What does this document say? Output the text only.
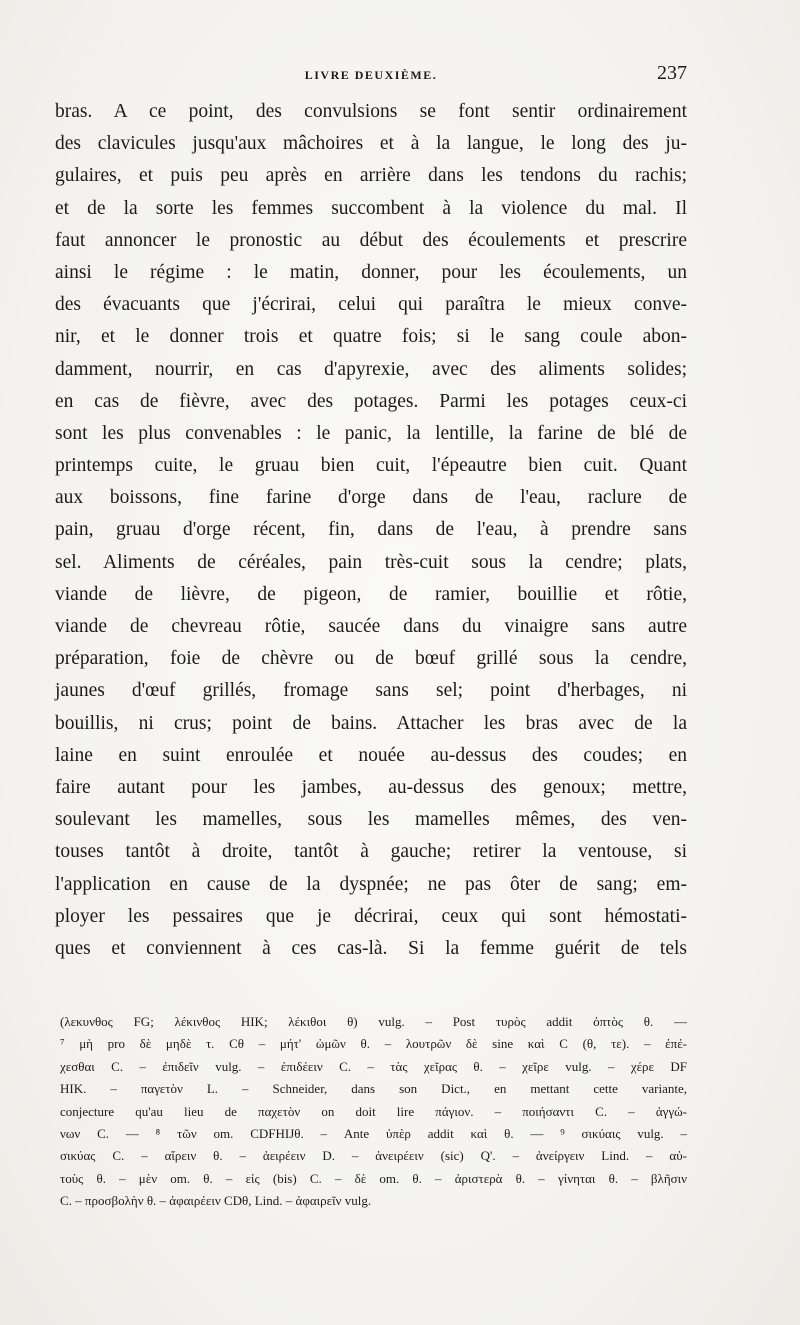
LIVRE DEUXIÈME.	237
bras. A ce point, des convulsions se font sentir ordinairement
des clavicules jusqu'aux mâchoires et à la langue, le long des ju-
gulaires, et puis peu après en arrière dans les tendons du rachis;
et de la sorte les femmes succombent à la violence du mal. Il
faut annoncer le pronostic au début des écoulements et prescrire
ainsi le régime : le matin, donner, pour les écoulements, un
des évacuants que j'écrirai, celui qui paraîtra le mieux conve-
nir, et le donner trois et quatre fois; si le sang coule abon-
damment, nourrir, en cas d'apyrexie, avec des aliments solides;
en cas de fièvre, avec des potages. Parmi les potages ceux-ci
sont les plus convenables : le panic, la lentille, la farine de blé de
printemps cuite, le gruau bien cuit, l'épeautre bien cuit. Quant
aux boissons, fine farine d'orge dans de l'eau, raclure de
pain, gruau d'orge récent, fin, dans de l'eau, à prendre sans
sel. Aliments de céréales, pain très-cuit sous la cendre; plats,
viande de lièvre, de pigeon, de ramier, bouillie et rôtie,
viande de chevreau rôtie, saucée dans du vinaigre sans autre
préparation, foie de chèvre ou de bœuf grillé sous la cendre,
jaunes d'œuf grillés, fromage sans sel; point d'herbages, ni
bouillis, ni crus; point de bains. Attacher les bras avec de la
laine en suint enroulée et nouée au-dessus des coudes; en
faire autant pour les jambes, au-dessus des genoux; mettre,
soulevant les mamelles, sous les mamelles mêmes, des ven-
touses tantôt à droite, tantôt à gauche; retirer la ventouse, si
l'application en cause de la dyspnée; ne pas ôter de sang; em-
ployer les pessaires que je décrirai, ceux qui sont hémostati-
ques et conviennent à ces cas-là. Si la femme guérit de tels
(λεκυνθος FG; λέκινθος HIK; λέκιθοι θ) vulg. – Post τυρὸς addit ὀπτὸς θ. —
⁷ μὴ pro δὲ μηδὲ τ. Cθ – μήτ' ὠμῶν θ. – λουτρῶν δὲ sine καὶ C (θ, τε). – ἐπέ-
χεσθαι C. – ἐπιδεῖν vulg. – ἐπιδέειν C. – τὰς χεῖρας θ. – χεῖρε vulg. – χέρε DF
HIK. – παγετὸν L. – Schneider, dans son Dict., en mettant cette variante,
conjecture qu'au lieu de παχετὸν on doit lire πάγιον. – ποιήσαντι C. – ἀγγώ-
νων C. — ⁸ τῶν om. CDFHIJθ. – Ante ὑπὲρ addit καὶ θ. — ⁹ σικύαις vulg. –
σικύας C. – αἴρειν θ. – ἀειρέειν D. – ἀνειρέειν (sic) Q'. – ἀνείργειν Lind. – αὐ-
τοὺς θ. – μὲν om. θ. – εἰς (bis) C. – δὲ om. θ. – ἀριστερὰ θ. – γίνηται θ. – βλῆσιν
C. – προσβολὴν θ. – ἀφαιρέειν CDθ, Lind. – ἀφαιρεῖν vulg.
